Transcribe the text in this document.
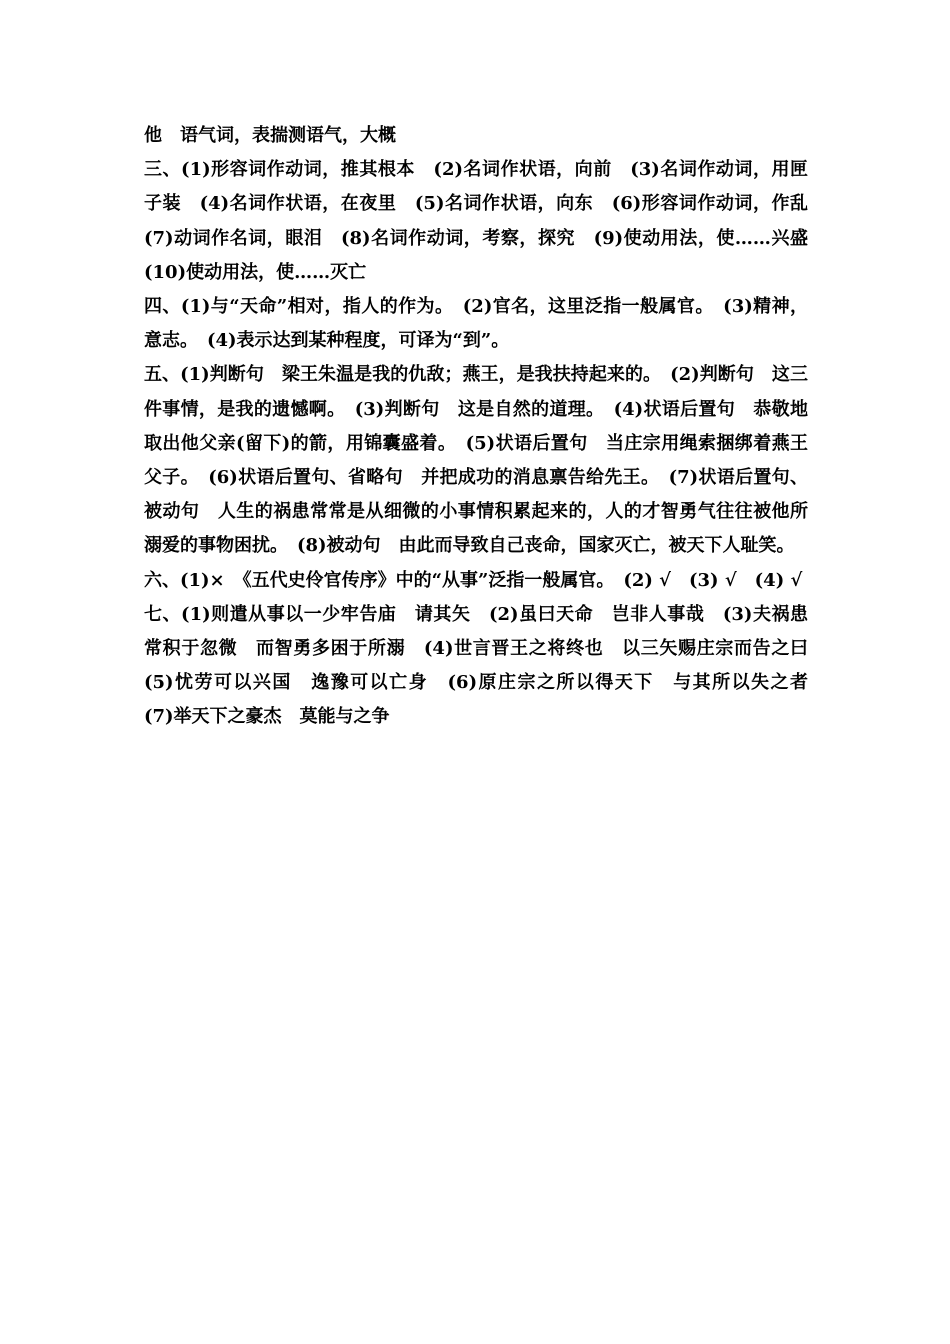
他　语气词，表揣测语气，大概

三、(1)形容词作动词，推其根本　(2)名词作状语，向前　(3)名词作动词，用匣子装　(4)名词作状语，在夜里　(5)名词作状语，向东　(6)形容词作动词，作乱　(7)动词作名词，眼泪　(8)名词作动词，考察，探究　(9)使动用法，使……兴盛　(10)使动用法，使……灭亡

四、(1)与“天命”相对，指人的作为。　(2)官名，这里泛指一般属官。　(3)精神，意志。　(4)表示达到某种程度，可译为“到”。

五、(1)判断句　梁王朱温是我的仇敌；燕王，是我扶持起来的。　(2)判断句　这三件事情，是我的遗憾啊。　(3)判断句　这是自然的道理。　(4)状语后置句　恭敬地取出他父亲(留下)的箭，用锦囊盛着。　(5)状语后置句　当庄宗用绳索捆绑着燕王父子。　(6)状语后置句、省略句　并把成功的消息禀告给先王。　(7)状语后置句、被动句　人生的祸患常常是从细微的小事情积累起来的，人的才智勇气往往被他所溺爱的事物困扰。　(8)被动句　由此而导致自己丧命，国家灭亡，被天下人耻笑。

六、(1)×　《五代史伶官传序》中的“从事”泛指一般属官。　(2) √　(3) √　(4) √

七、(1)则遣从事以一少牢告庙　请其矢　(2)虽曰天命　岂非人事哉　(3)夫祸患常积于忽微　而智勇多困于所溺　(4)世言晋王之将终也　以三矢赐庄宗而告之曰　(5)忧劳可以兴国　逸豫可以亡身　(6)原庄宗之所以得天下　与其所以失之者　(7)举天下之豪杰　莫能与之争
